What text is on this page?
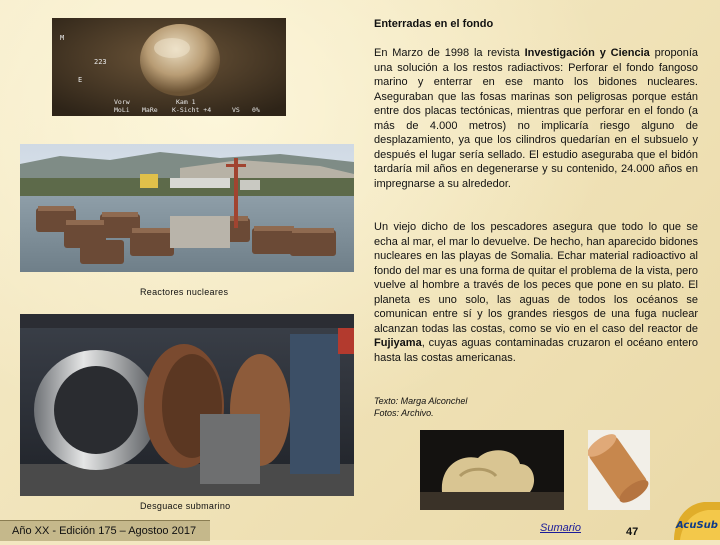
M
223
E
Vorw	Kam 1
MoLi MaRe K-Sicht +4	VS 0%
Reactores nucleares
Desguace submarino
Enterradas en el fondo

En Marzo de 1998 la revista Investigación y Ciencia proponía una solución a los restos radiactivos: Perforar el fondo fangoso marino y enterrar en ese manto los bidones nucleares. Aseguraban que las fosas marinas son peligrosas porque están entre dos placas tectónicas, mientras que perforar en el fondo (a más de 4.000 metros) no implicaría riesgo alguno de desplazamiento, ya que los cilindros quedarían en el subsuelo y después el lugar sería sellado. El estudio aseguraba que el bidón tardaría mil años en degenerarse y su contenido, 24.000 años en impregnarse a su alrededor.

Un viejo dicho de los pescadores asegura que todo lo que se echa al mar, el mar lo devuelve. De hecho, han aparecido bidones nucleares en las playas de Somalia. Echar material radioactivo al fondo del mar es una forma de quitar el problema de la vista, pero vuelve al hombre a través de los peces que pone en su plato. El planeta es uno solo, las aguas de todos los océanos se comunican entre sí y los grandes riesgos de una fuga nuclear alcanzan todas las costas, como se vio en el caso del reactor de Fujiyama, cuyas aguas contaminadas cruzaron el océano entero hasta las costas americanas.

Texto: Marga Alconchel
Fotos: Archivo.
Año XX - Edición 175 – Agostoo 2017	Sumario	47
AcuSub
